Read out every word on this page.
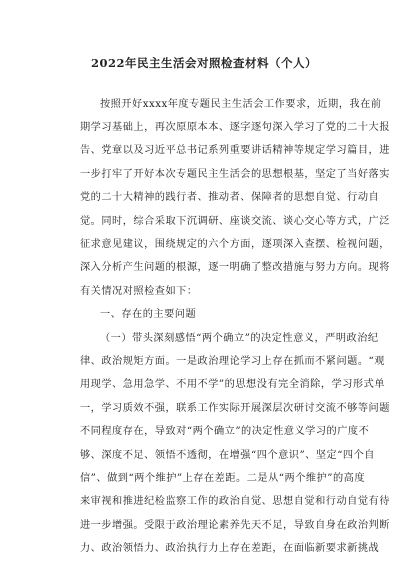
2022年民主生活会对照检查材料（个人）
按照开好xxxx年度专题民主生活会工作要求，近期，我在前
期学习基础上，再次原原本本、逐字逐句深入学习了党的二十大报
告、党章以及习近平总书记系列重要讲话精神等规定学习篇目，进
一步打牢了开好本次专题民主生活会的思想根基，坚定了当好落实
党的二十大精神的践行者、推动者、保障者的思想自觉、行动自
觉。同时，综合采取下沉调研、座谈交流、谈心交心等方式，广泛
征求意见建议，围绕规定的六个方面，逐项深入查摆、检视问题，
深入分析产生问题的根源，逐一明确了整改措施与努力方向。现将
有关情况对照检查如下：
一、存在的主要问题
（一）带头深刻感悟“两个确立”的决定性意义，严明政治纪
律、政治规矩方面。一是政治理论学习上存在抓而不紧问题。“观
用现学、急用急学、不用不学”的思想没有完全消除，学习形式单
一，学习质效不强，联系工作实际开展深层次研讨交流不够等问题
不同程度存在，导致对“两个确立”的决定性意义学习的广度不
够、深度不足、领悟不透彻，在增强“四个意识”、坚定“四个自
信”、做到“两个维护”上存在差距。二是从“两个维护”的高度
来审视和推进纪检监察工作的政治自觉、思想自觉和行动自觉有待
进一步增强。受限于政治理论素养先天不足，导致自身在政治判断
力、政治领悟力、政治执行力上存在差距，在面临新要求新挑战
